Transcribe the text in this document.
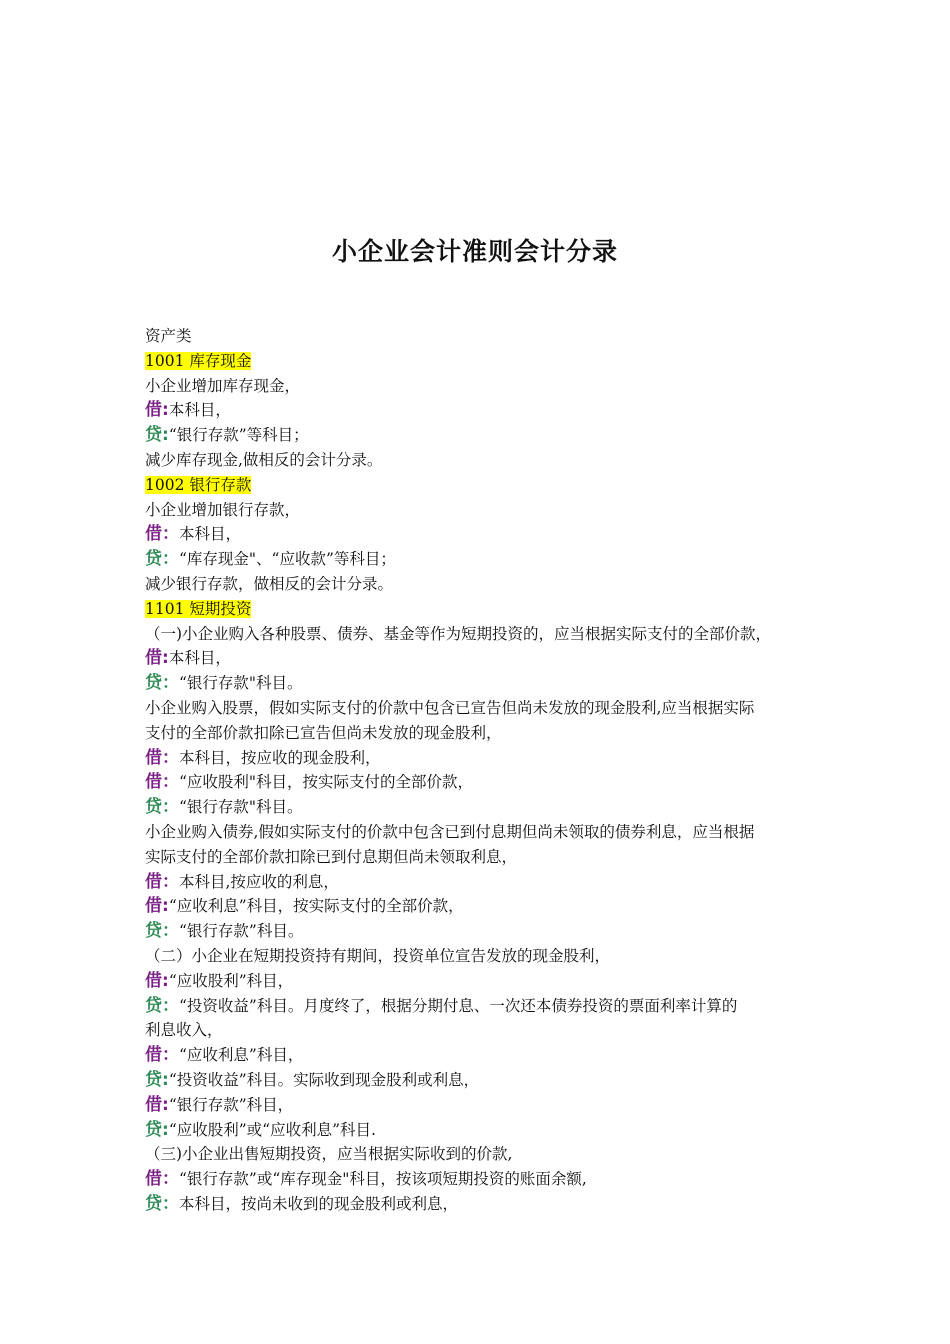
小企业会计准则会计分录

资产类

1001 库存现金

小企业增加库存现金，

借:本科目，

贷:“银行存款”等科目；

减少库存现金,做相反的会计分录。

1002 银行存款

小企业增加银行存款，

借：本科目，

贷：“库存现金"、“应收款”等科目；

减少银行存款，做相反的会计分录。

1101 短期投资

（一)小企业购入各种股票、债券、基金等作为短期投资的，应当根据实际支付的全部价款，

借:本科目，

贷：“银行存款"科目。

小企业购入股票，假如实际支付的价款中包含已宣告但尚未发放的现金股利,应当根据实际

支付的全部价款扣除已宣告但尚未发放的现金股利，

借：本科目，按应收的现金股利，

借：“应收股利"科目，按实际支付的全部价款，

贷：“银行存款"科目。

小企业购入债券,假如实际支付的价款中包含已到付息期但尚未领取的债券利息，应当根据

实际支付的全部价款扣除已到付息期但尚未领取利息，

借：本科目,按应收的利息，

借:“应收利息”科目，按实际支付的全部价款，

贷：“银行存款”科目。

（二）小企业在短期投资持有期间，投资单位宣告发放的现金股利，

借:“应收股利”科目，

贷：“投资收益”科目。月度终了，根据分期付息、一次还本债券投资的票面利率计算的

利息收入，

借：“应收利息”科目，

贷:“投资收益”科目。实际收到现金股利或利息，

借:“银行存款”科目，

贷:“应收股利”或“应收利息”科目.

（三)小企业出售短期投资，应当根据实际收到的价款,

借：“银行存款”或“库存现金"科目，按该项短期投资的账面余额,

贷：本科目，按尚未收到的现金股利或利息，
